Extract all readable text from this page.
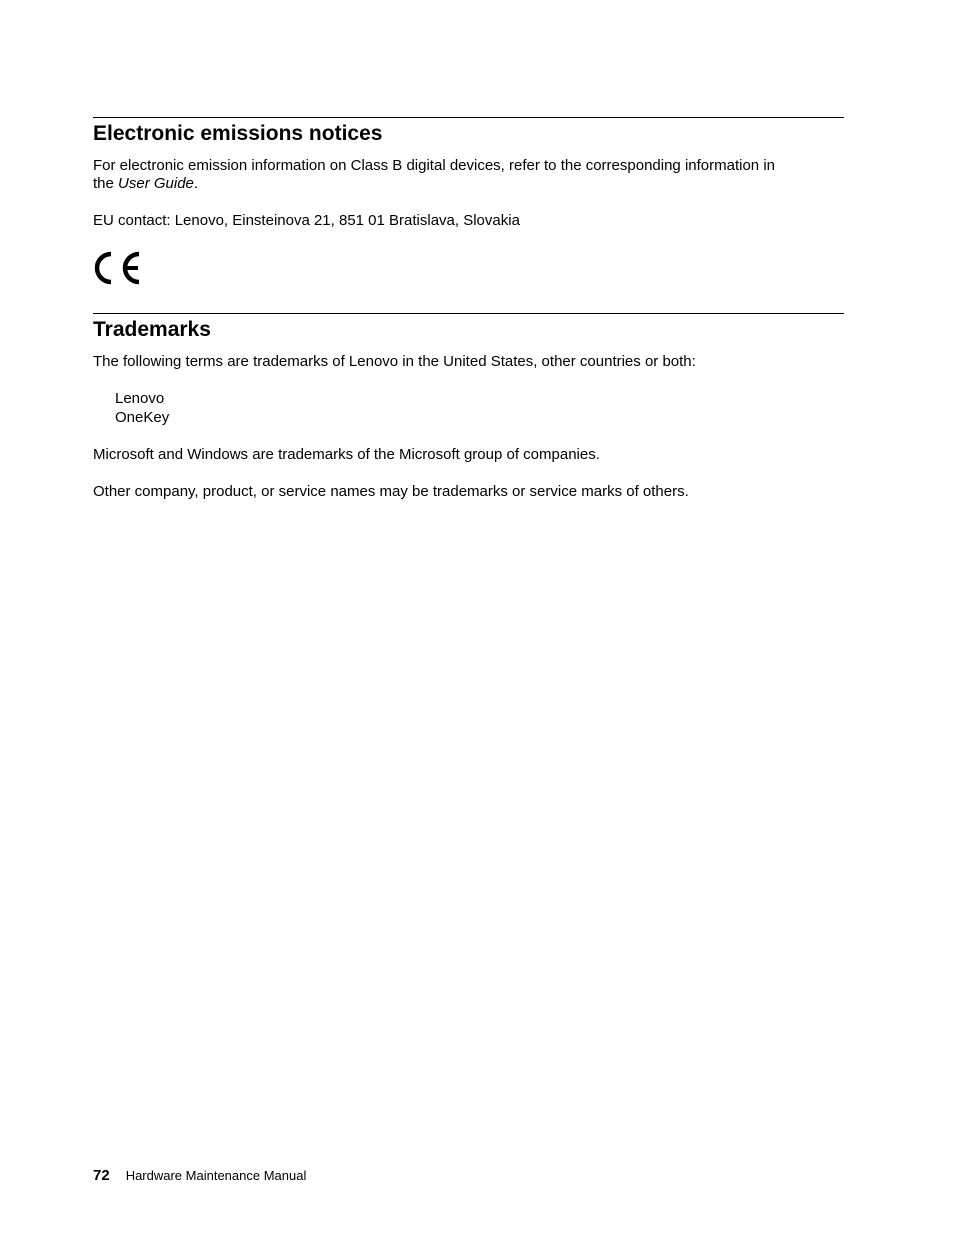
Electronic emissions notices

For electronic emission information on Class B digital devices, refer to the corresponding information in

the User Guide.

EU contact: Lenovo, Einsteinova 21, 851 01 Bratislava, Slovakia

Trademarks

The following terms are trademarks of Lenovo in the United States, other countries or both:

Lenovo

OneKey

Microsoft and Windows are trademarks of the Microsoft group of companies.

Other company, product, or service names may be trademarks or service marks of others.

72 Hardware Maintenance Manual
